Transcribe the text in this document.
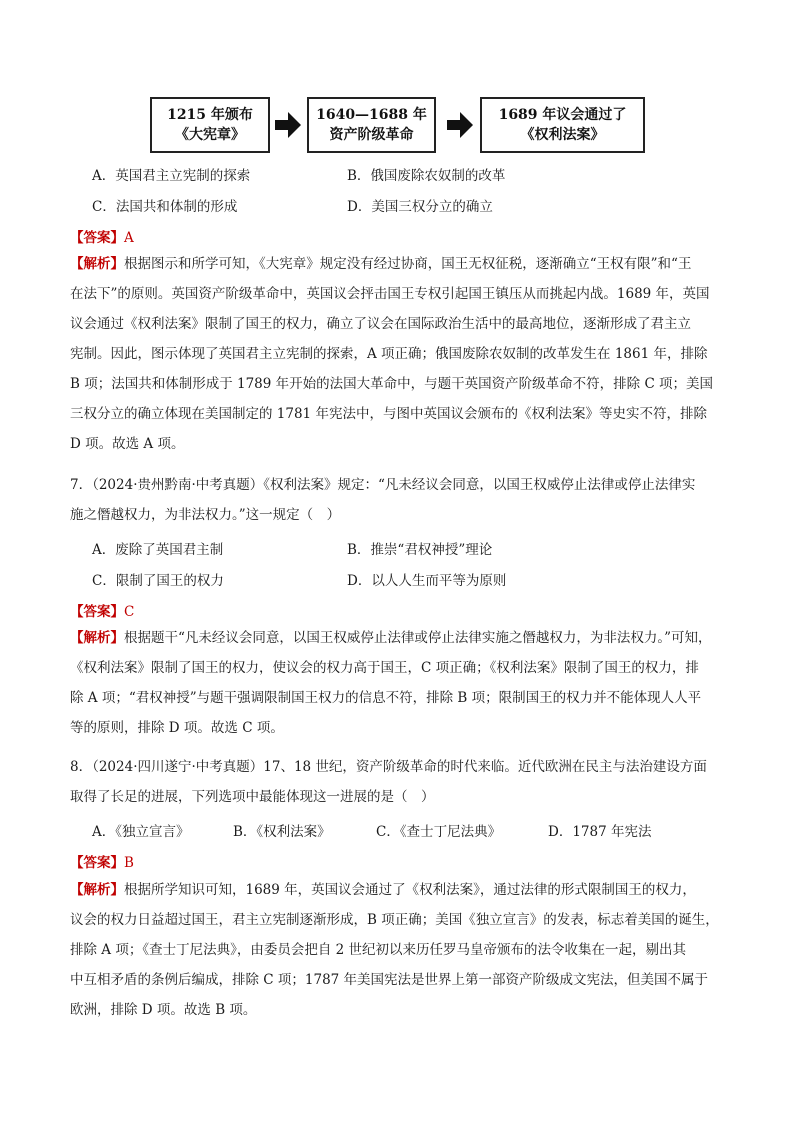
1215 年颁布
《大宪章》
1640—1688 年
资产阶级革命
1689 年议会通过了
《权利法案》
A．英国君主立宪制的探索	B．俄国废除农奴制的改革
C．法国共和体制的形成	D．美国三权分立的确立
【答案】A
【解析】根据图示和所学可知，《大宪章》规定没有经过协商，国王无权征税，逐渐确立“王权有限”和“王
在法下”的原则。英国资产阶级革命中，英国议会抨击国王专权引起国王镇压从而挑起内战。1689 年，英国
议会通过《权利法案》限制了国王的权力，确立了议会在国际政治生活中的最高地位，逐渐形成了君主立
宪制。因此，图示体现了英国君主立宪制的探索，A 项正确；俄国废除农奴制的改革发生在 1861 年，排除
B 项；法国共和体制形成于 1789 年开始的法国大革命中，与题干英国资产阶级革命不符，排除 C 项；美国
三权分立的确立体现在美国制定的 1781 年宪法中，与图中英国议会颁布的《权利法案》等史实不符，排除
D 项。故选 A 项。
7．（2024·贵州黔南·中考真题）《权利法案》规定：“凡未经议会同意，以国王权威停止法律或停止法律实
施之僭越权力，为非法权力。”这一规定（　）
A．废除了英国君主制	B．推崇“君权神授”理论
C．限制了国王的权力	D．以人人生而平等为原则
【答案】C
【解析】根据题干“凡未经议会同意，以国王权威停止法律或停止法律实施之僭越权力，为非法权力。”可知，
《权利法案》限制了国王的权力，使议会的权力高于国王，C 项正确；《权利法案》限制了国王的权力，排
除 A 项；“君权神授”与题干强调限制国王权力的信息不符，排除 B 项；限制国王的权力并不能体现人人平
等的原则，排除 D 项。故选 C 项。
8．（2024·四川遂宁·中考真题）17、18 世纪，资产阶级革命的时代来临。近代欧洲在民主与法治建设方面
取得了长足的进展，下列选项中最能体现这一进展的是（　）
A．《独立宣言》	B．《权利法案》	C．《查士丁尼法典》	D．1787 年宪法
【答案】B
【解析】根据所学知识可知，1689 年，英国议会通过了《权利法案》，通过法律的形式限制国王的权力，
议会的权力日益超过国王，君主立宪制逐渐形成，B 项正确；美国《独立宣言》的发表，标志着美国的诞生，
排除 A 项；《查士丁尼法典》，由委员会把自 2 世纪初以来历任罗马皇帝颁布的法令收集在一起，剔出其
中互相矛盾的条例后编成，排除 C 项；1787 年美国宪法是世界上第一部资产阶级成文宪法，但美国不属于
欧洲，排除 D 项。故选 B 项。
